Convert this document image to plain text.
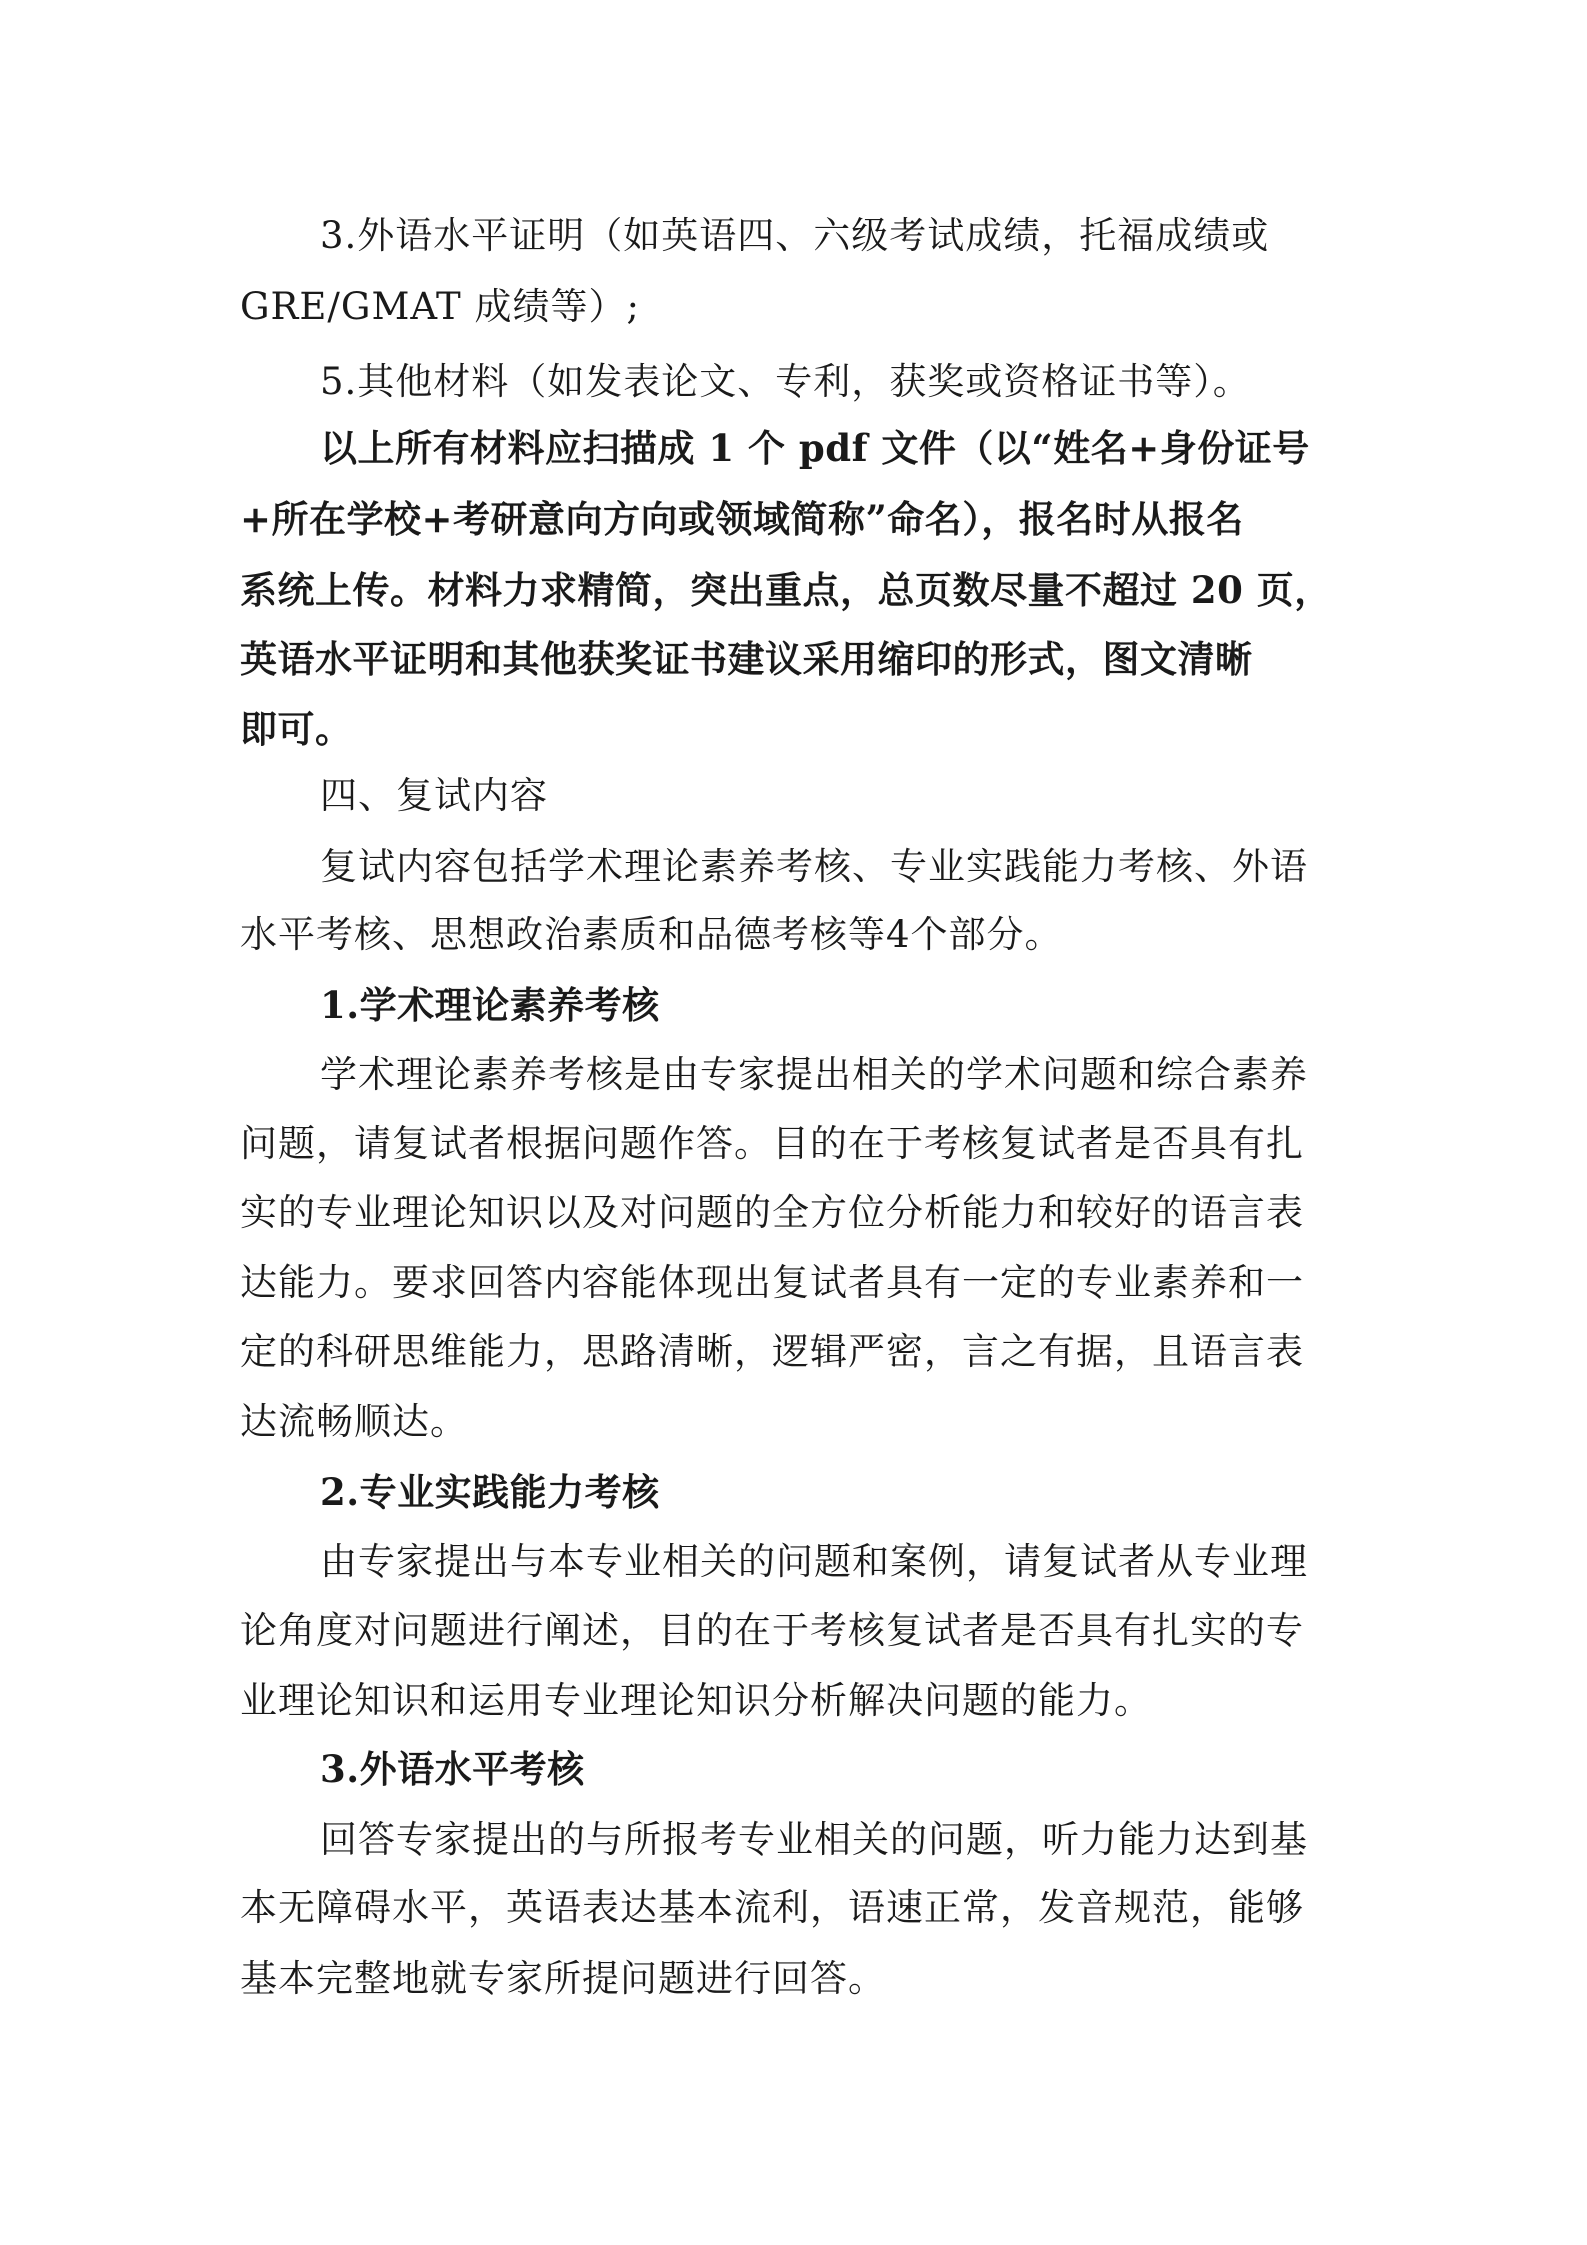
3.外语水平证明（如英语四、六级考试成绩，托福成绩或
GRE/GMAT 成绩等）;
5.其他材料（如发表论文、专利，获奖或资格证书等）。
以上所有材料应扫描成 1 个 pdf 文件（以“姓名+身份证号
+所在学校+考研意向方向或领域简称”命名），报名时从报名
系统上传。材料力求精简，突出重点，总页数尽量不超过 20 页，
英语水平证明和其他获奖证书建议采用缩印的形式，图文清晰
即可。
四、复试内容
复试内容包括学术理论素养考核、专业实践能力考核、外语
水平考核、思想政治素质和品德考核等4个部分。
1.学术理论素养考核
学术理论素养考核是由专家提出相关的学术问题和综合素养
问题，请复试者根据问题作答。目的在于考核复试者是否具有扎
实的专业理论知识以及对问题的全方位分析能力和较好的语言表
达能力。要求回答内容能体现出复试者具有一定的专业素养和一
定的科研思维能力，思路清晰，逻辑严密，言之有据，且语言表
达流畅顺达。
2.专业实践能力考核
由专家提出与本专业相关的问题和案例，请复试者从专业理
论角度对问题进行阐述，目的在于考核复试者是否具有扎实的专
业理论知识和运用专业理论知识分析解决问题的能力。
3.外语水平考核
回答专家提出的与所报考专业相关的问题，听力能力达到基
本无障碍水平，英语表达基本流利，语速正常，发音规范，能够
基本完整地就专家所提问题进行回答。
